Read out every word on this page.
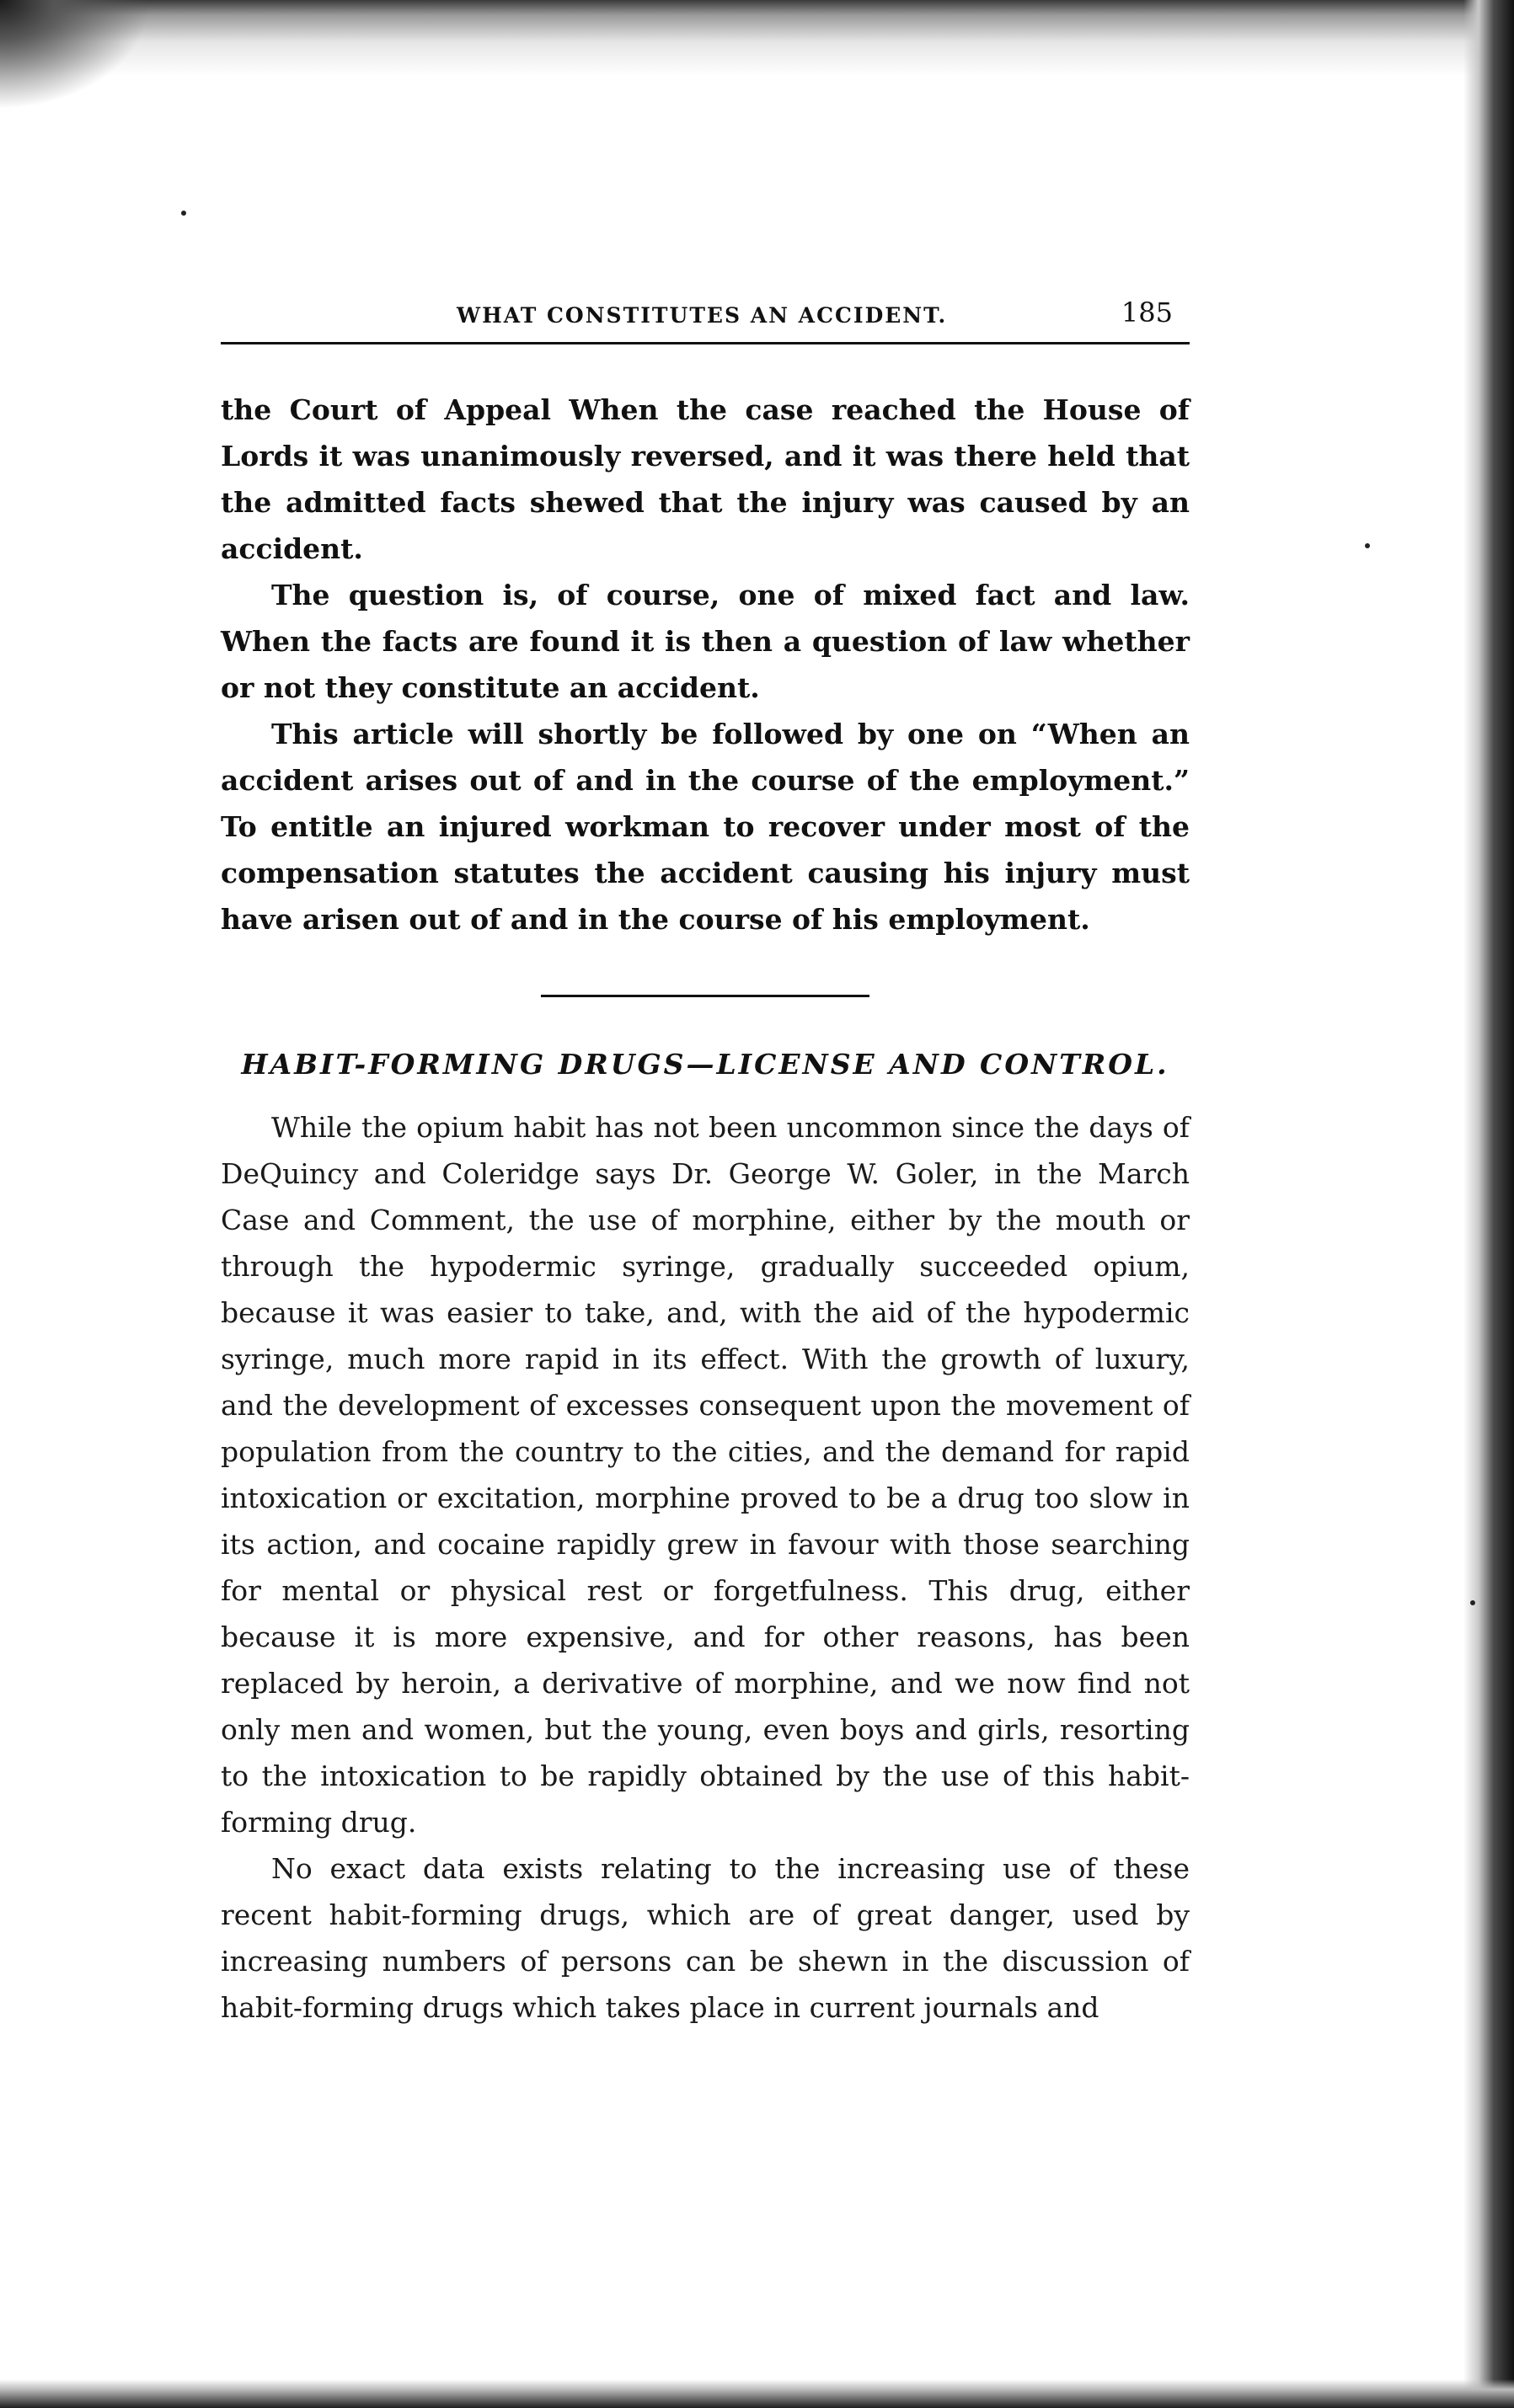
WHAT CONSTITUTES AN ACCIDENT.	185

the Court of Appeal When the case reached the House of Lords it was unanimously reversed, and it was there held that the admitted facts shewed that the injury was caused by an accident.

The question is, of course, one of mixed fact and law. When the facts are found it is then a question of law whether or not they constitute an accident.

This article will shortly be followed by one on “When an accident arises out of and in the course of the employment.” To entitle an injured workman to recover under most of the compensation statutes the accident causing his injury must have arisen out of and in the course of his employment.

HABIT-FORMING DRUGS—LICENSE AND CONTROL.

While the opium habit has not been uncommon since the days of DeQuincy and Coleridge says Dr. George W. Goler, in the March Case and Comment, the use of morphine, either by the mouth or through the hypodermic syringe, gradually succeeded opium, because it was easier to take, and, with the aid of the hypodermic syringe, much more rapid in its effect. With the growth of luxury, and the development of excesses consequent upon the movement of population from the country to the cities, and the demand for rapid intoxication or excitation, morphine proved to be a drug too slow in its action, and cocaine rapidly grew in favour with those searching for mental or physical rest or forgetfulness. This drug, either because it is more expensive, and for other reasons, has been replaced by heroin, a derivative of morphine, and we now find not only men and women, but the young, even boys and girls, resorting to the intoxication to be rapidly obtained by the use of this habit-forming drug.

No exact data exists relating to the increasing use of these recent habit-forming drugs, which are of great danger, used by increasing numbers of persons can be shewn in the discussion of habit-forming drugs which takes place in current journals and
